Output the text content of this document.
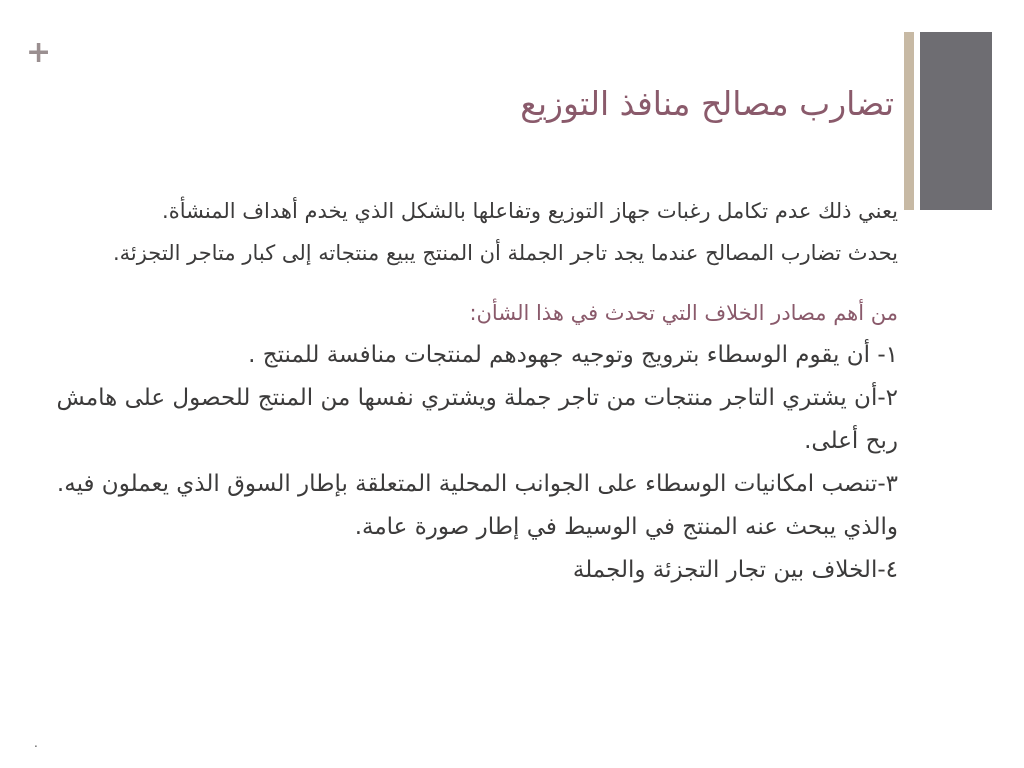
+
تضارب مصالح منافذ التوزيع

يعني ذلك عدم تكامل رغبات جهاز التوزيع وتفاعلها بالشكل الذي يخدم أهداف المنشأة.

يحدث تضارب المصالح عندما يجد تاجر الجملة أن المنتج يبيع منتجاته إلى كبار متاجر التجزئة.

من أهم مصادر الخلاف التي تحدث في هذا الشأن:

١- أن يقوم الوسطاء بترويج وتوجيه جهودهم لمنتجات منافسة للمنتج .

٢-أن يشتري التاجر منتجات من تاجر جملة ويشتري نفسها من المنتج للحصول على هامش ربح أعلى.

٣-تنصب امكانيات الوسطاء على الجوانب المحلية المتعلقة بإطار السوق الذي يعملون فيه. والذي يبحث عنه المنتج في الوسيط في إطار صورة عامة.

٤-الخلاف بين تجار التجزئة والجملة

.
